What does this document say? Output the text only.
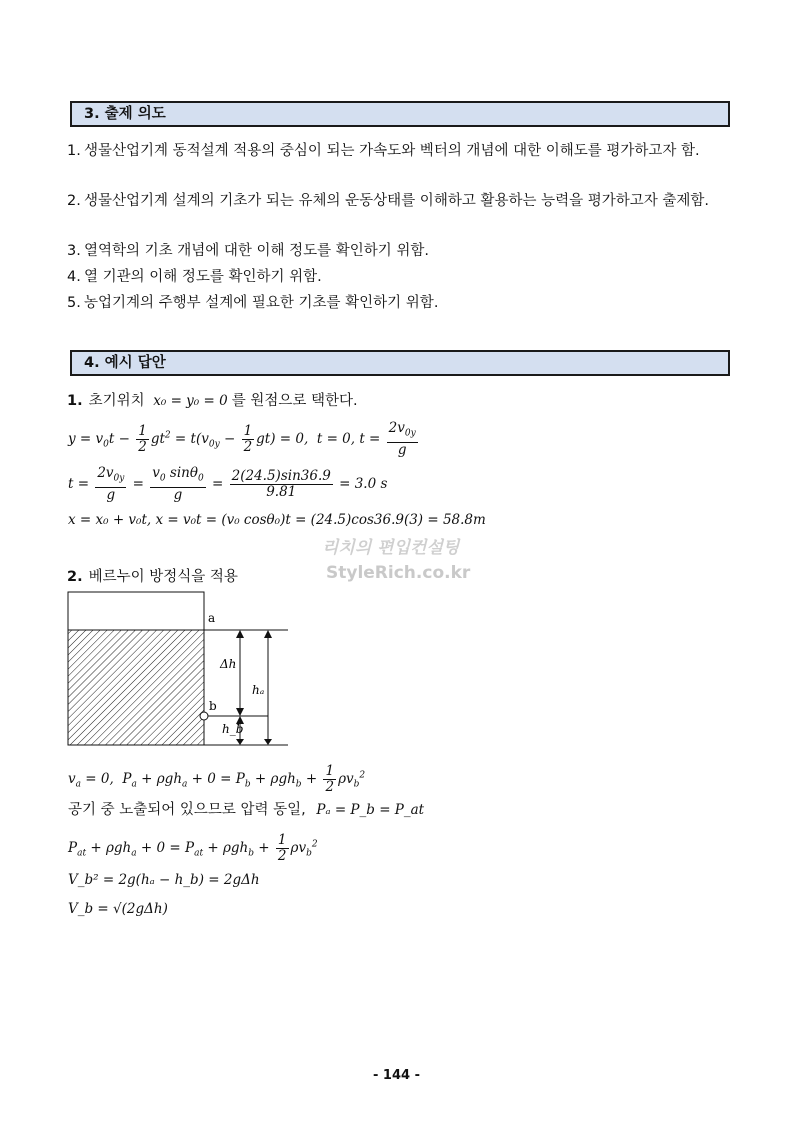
3. 출제 의도
1. 생물산업기계 동적설계 적용의 중심이 되는 가속도와 벡터의 개념에 대한 이해도를 평가하고자 함.
2. 생물산업기계 설계의 기초가 되는 유체의 운동상태를 이해하고 활용하는 능력을 평가하고자 출제함.
3. 열역학의 기초 개념에 대한 이해 정도를 확인하기 위함.
4. 열 기관의 이해 정도를 확인하기 위함.
5. 농업기계의 주행부 설계에 필요한 기초를 확인하기 위함.
4. 예시 답안
1. 초기위치 x₀ = y₀ = 0 를 원점으로 택한다.
$y = v_0t - \frac{1}{2} gt^2 = t(v_{0y} - \frac{1}{2} gt) = 0$,  t = 0, $t = \frac{2v_{0y}}{g}$
$t = \frac{2v_{0y}}{g} = \frac{v_0 \sin\theta_0}{g} = \frac{2(24.5)\sin 36.9}{9.81} = 3.0$ s
x = x₀ + v₀t, x = v₀t = (v₀ cosθ₀)t = (24.5)cos36.9(3) = 58.8m
리치의 편입컨설팅
StyleRich.co.kr
2. 베르누이 방정식을 적용
a
b
Δh
hₐ
h_b
$v_a = 0$,  $P_a + \rho gh_a + 0 = P_b + \rho gh_b + \frac{1}{2} \rho v_b^2$
공기 중 노출되어 있으므로 압력 동일, Pₐ = P_b = P_at
$P_{at} + \rho gh_a + 0 = P_{at} + \rho gh_b + \frac{1}{2} \rho v_b^2$
V_b² = 2g(hₐ − h_b) = 2gΔh
V_b = √(2gΔh)
- 144 -
